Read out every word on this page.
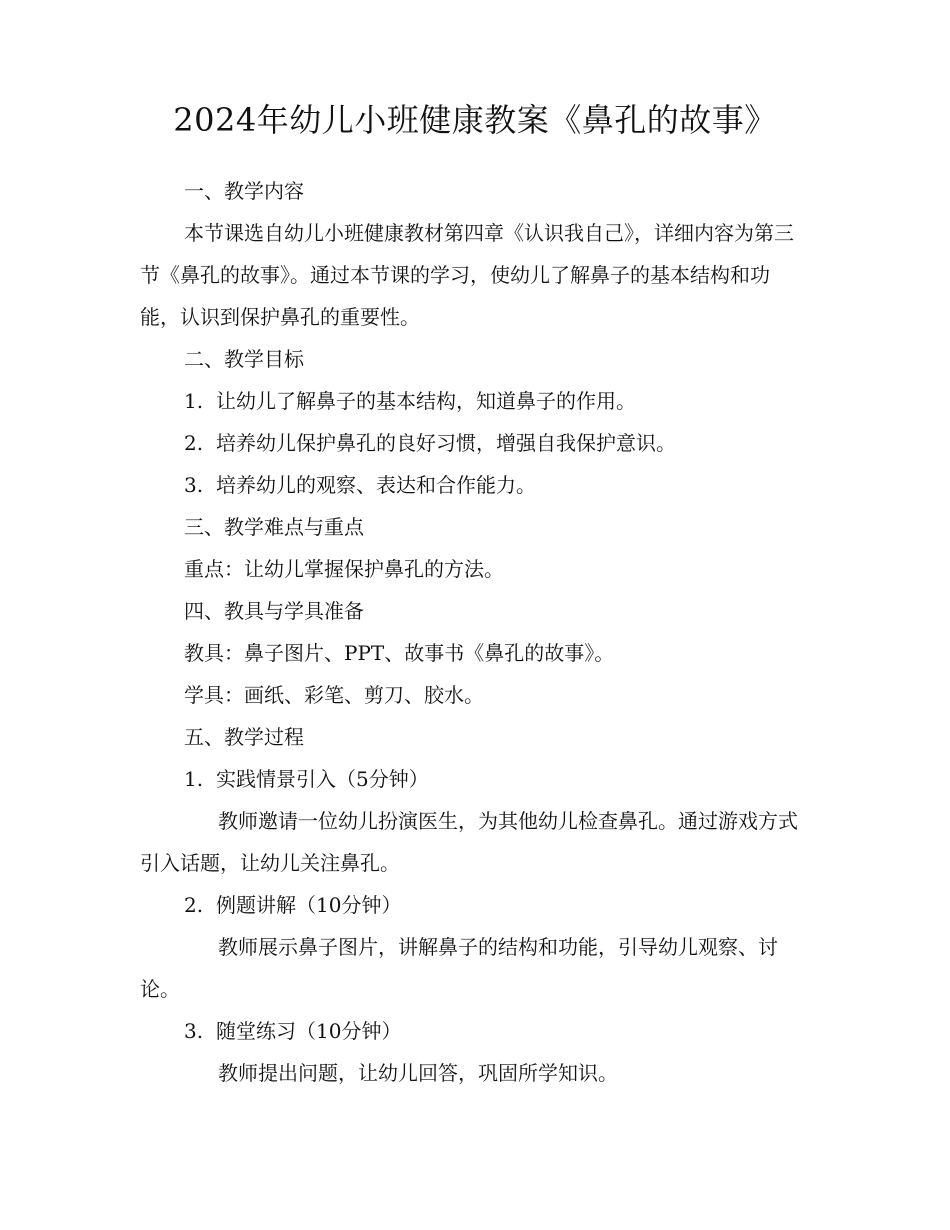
2024年幼儿小班健康教案《鼻孔的故事》

一、教学内容

本节课选自幼儿小班健康教材第四章《认识我自己》，详细内容为第三节《鼻孔的故事》。通过本节课的学习，使幼儿了解鼻子的基本结构和功能，认识到保护鼻孔的重要性。

二、教学目标

1. 让幼儿了解鼻子的基本结构，知道鼻子的作用。

2. 培养幼儿保护鼻孔的良好习惯，增强自我保护意识。

3. 培养幼儿的观察、表达和合作能力。

三、教学难点与重点

重点：让幼儿掌握保护鼻孔的方法。

四、教具与学具准备

教具：鼻子图片、PPT、故事书《鼻孔的故事》。

学具：画纸、彩笔、剪刀、胶水。

五、教学过程

1. 实践情景引入（5分钟）

教师邀请一位幼儿扮演医生，为其他幼儿检查鼻孔。通过游戏方式引入话题，让幼儿关注鼻孔。

2. 例题讲解（10分钟）

教师展示鼻子图片，讲解鼻子的结构和功能，引导幼儿观察、讨论。

3. 随堂练习（10分钟）

教师提出问题，让幼儿回答，巩固所学知识。
